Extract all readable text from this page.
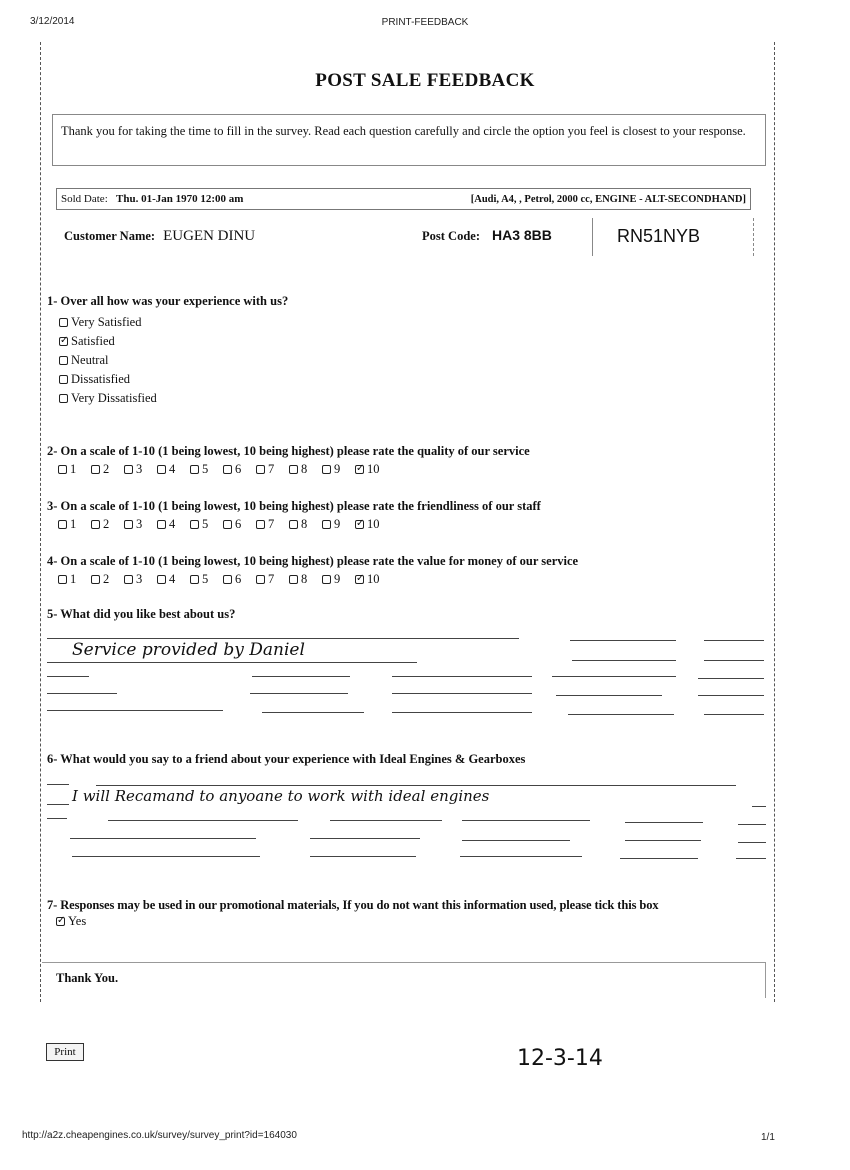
3/12/2014	PRINT-FEEDBACK
POST SALE FEEDBACK
Thank you for taking the time to fill in the survey. Read each question carefully and circle the option you feel is closest to your response.
Sold Date: Thu. 01-Jan 1970 12:00 am	[Audi, A4, , Petrol, 2000 cc, ENGINE - ALT-SECONDHAND]
Customer Name: EUGEN DINU	Post Code: HA3 8BB	RN51NYB
1- Over all how was your experience with us?
Very Satisfied
✓
Satisfied
Neutral
Dissatisfied
Very Dissatisfied
2- On a scale of 1-10 (1 being lowest, 10 being highest) please rate the quality of our service
1 2 3 4 5 6 7 8 9 ✓ 10
3- On a scale of 1-10 (1 being lowest, 10 being highest) please rate the friendliness of our staff
1 2 3 4 5 6 7 8 9 ✓ 10
4- On a scale of 1-10 (1 being lowest, 10 being highest) please rate the value for money of our service
1 2 3 4 5 6 7 8 9 ✓ 10
5- What did you like best about us?
Service provided by Daniel
6- What would you say to a friend about your experience with Ideal Engines & Gearboxes
I will Recamand to anyoane to work with ideal engines
7- Responses may be used in our promotional materials, If you do not want this information used, please tick this box
✓
Yes
Thank You.
Print	12-3-14
http://a2z.cheapengines.co.uk/survey/survey_print?id=164030	1/1
